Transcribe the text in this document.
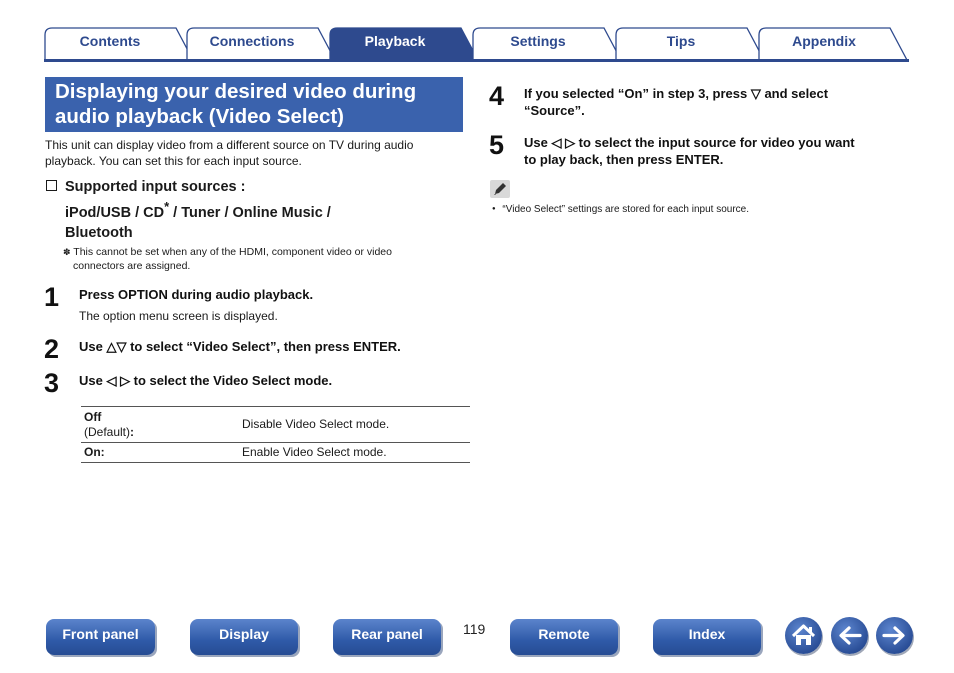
Contents	Connections	Playback	Settings	Tips	Appendix
Displaying your desired video during
audio playback (Video Select)
This unit can display video from a different source on TV during audio
playback. You can set this for each input source.
Supported input sources :
iPod/USB / CD* / Tuner / Online Music /
Bluetooth
✽ This cannot be set when any of the HDMI, component video or video
connectors are assigned.
1 Press OPTION during audio playback.
The option menu screen is displayed.
2 Use △▽ to select “Video Select”, then press ENTER.
3 Use ◁ ▷ to select the Video Select mode.
Off
(Default):	Disable Video Select mode.
On:	Enable Video Select mode.
4 If you selected “On” in step 3, press ▽ and select
“Source”.
5 Use ◁ ▷ to select the input source for video you want
to play back, then press ENTER.
● “Video Select” settings are stored for each input source.
Front panel	Display	Rear panel	119	Remote	Index
